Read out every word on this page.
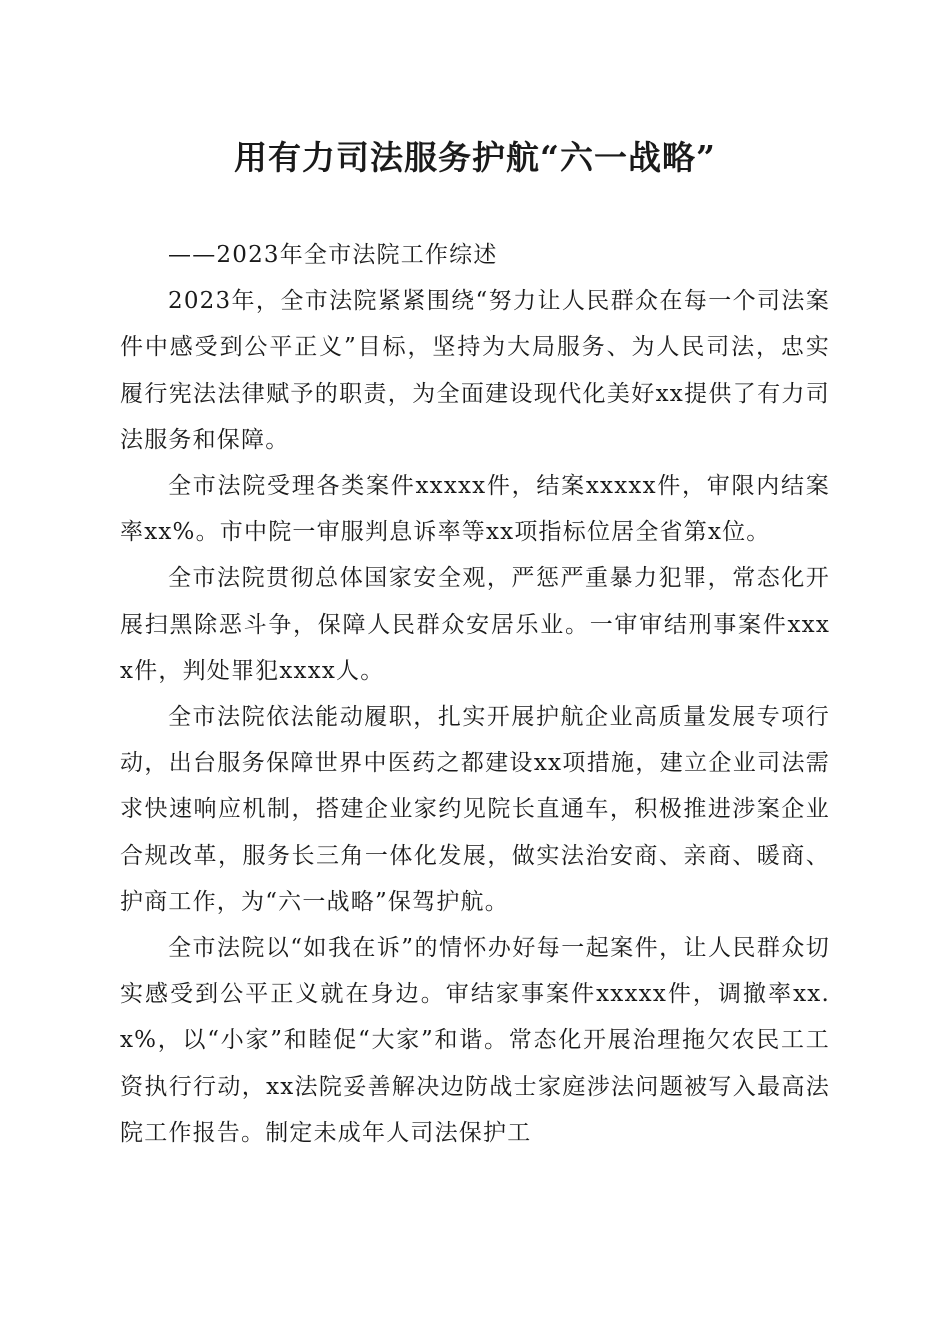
用有力司法服务护航“六一战略”

——2023年全市法院工作综述

2023年，全市法院紧紧围绕“努力让人民群众在每一个司法案件中感受到公平正义”目标，坚持为大局服务、为人民司法，忠实履行宪法法律赋予的职责，为全面建设现代化美好xx提供了有力司法服务和保障。

全市法院受理各类案件xxxxx件，结案xxxxx件，审限内结案率xx%。市中院一审服判息诉率等xx项指标位居全省第x位。

全市法院贯彻总体国家安全观，严惩严重暴力犯罪，常态化开展扫黑除恶斗争，保障人民群众安居乐业。一审审结刑事案件xxxx件，判处罪犯xxxx人。

全市法院依法能动履职，扎实开展护航企业高质量发展专项行动，出台服务保障世界中医药之都建设xx项措施，建立企业司法需求快速响应机制，搭建企业家约见院长直通车，积极推进涉案企业合规改革，服务长三角一体化发展，做实法治安商、亲商、暖商、护商工作，为“六一战略”保驾护航。

全市法院以“如我在诉”的情怀办好每一起案件，让人民群众切实感受到公平正义就在身边。审结家事案件xxxxx件，调撤率xx.x%，以“小家”和睦促“大家”和谐。常态化开展治理拖欠农民工工资执行行动，xx法院妥善解决边防战士家庭涉法问题被写入最高法院工作报告。制定未成年人司法保护工
